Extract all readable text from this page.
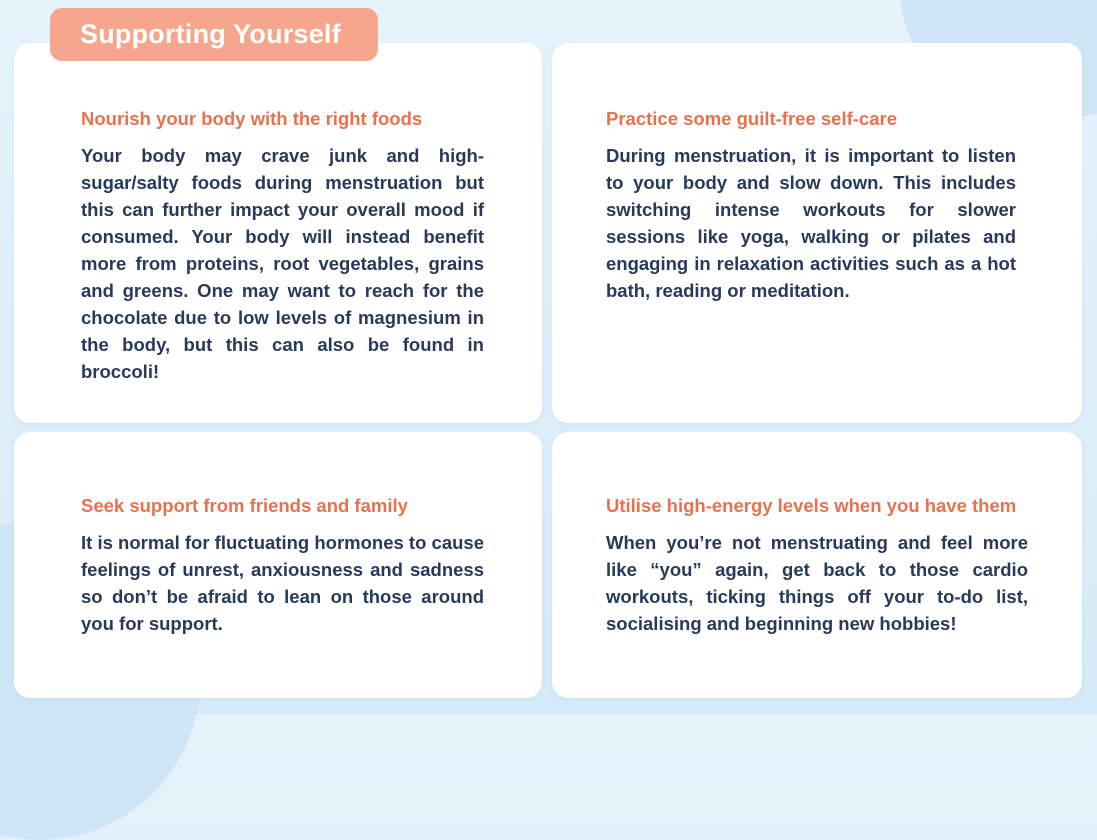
Supporting Yourself
Nourish your body with the right foods

Your body may crave junk and high-sugar/salty foods during menstruation but this can further impact your overall mood if consumed. Your body will instead benefit more from proteins, root vegetables, grains and greens. One may want to reach for the chocolate due to low levels of magnesium in the body, but this can also be found in broccoli!

Practice some guilt-free self-care

During menstruation, it is important to listen to your body and slow down. This includes switching intense workouts for slower sessions like yoga, walking or pilates and engaging in relaxation activities such as a hot bath, reading or meditation.

Seek support from friends and family

It is normal for fluctuating hormones to cause feelings of unrest, anxiousness and sadness so don’t be afraid to lean on those around you for support.

Utilise high-energy levels when you have them

When you’re not menstruating and feel more like “you” again, get back to those cardio workouts, ticking things off your to-do list, socialising and beginning new hobbies!
